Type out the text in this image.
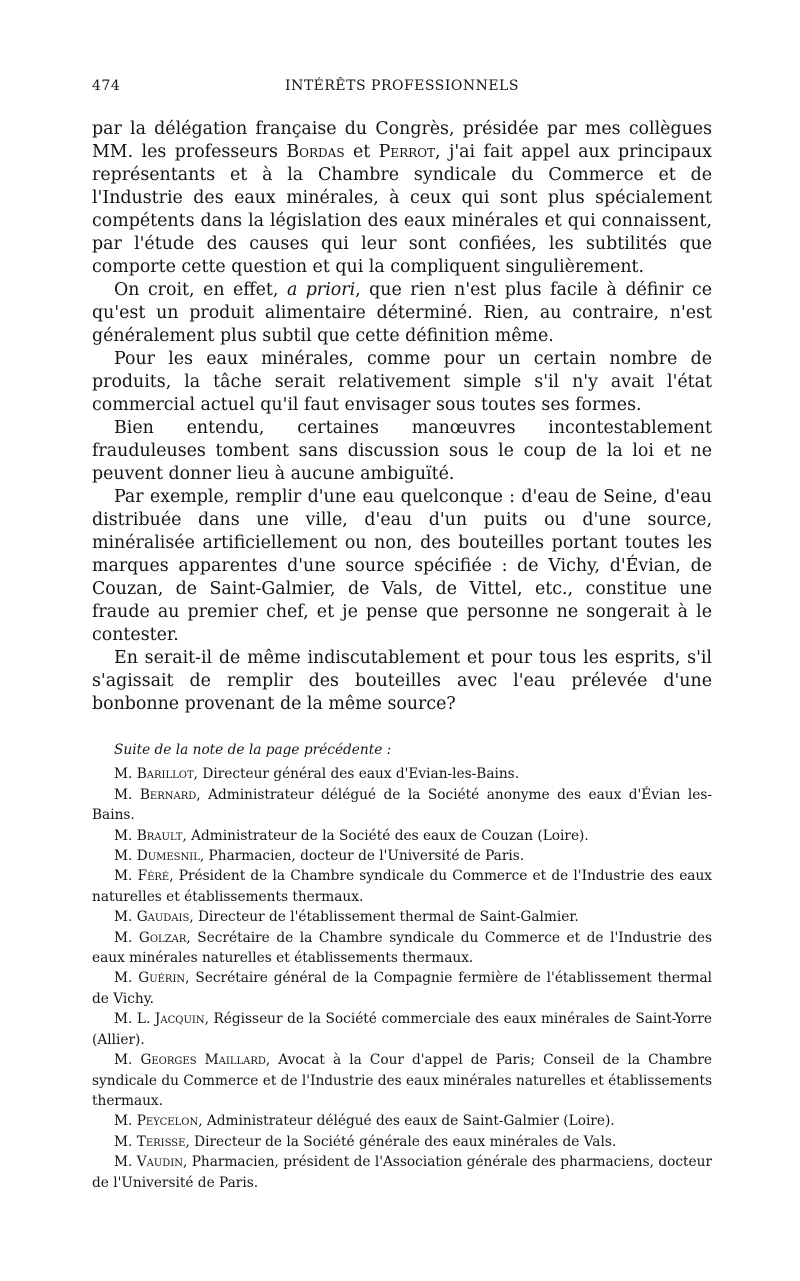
474	INTÉRÊTS PROFESSIONNELS

par la délégation française du Congrès, présidée par mes collègues MM. les professeurs Bordas et Perrot, j'ai fait appel aux principaux représentants et à la Chambre syndicale du Commerce et de l'Industrie des eaux minérales, à ceux qui sont plus spécialement compétents dans la législation des eaux minérales et qui connaissent, par l'étude des causes qui leur sont confiées, les subtilités que comporte cette question et qui la compliquent singulièrement.

On croit, en effet, a priori, que rien n'est plus facile à définir ce qu'est un produit alimentaire déterminé. Rien, au contraire, n'est généralement plus subtil que cette définition même.

Pour les eaux minérales, comme pour un certain nombre de produits, la tâche serait relativement simple s'il n'y avait l'état commercial actuel qu'il faut envisager sous toutes ses formes.

Bien entendu, certaines manœuvres incontestablement frauduleuses tombent sans discussion sous le coup de la loi et ne peuvent donner lieu à aucune ambiguïté.

Par exemple, remplir d'une eau quelconque : d'eau de Seine, d'eau distribuée dans une ville, d'eau d'un puits ou d'une source, minéralisée artificiellement ou non, des bouteilles portant toutes les marques apparentes d'une source spécifiée : de Vichy, d'Évian, de Couzan, de Saint-Galmier, de Vals, de Vittel, etc., constitue une fraude au premier chef, et je pense que personne ne songerait à le contester.

En serait-il de même indiscutablement et pour tous les esprits, s'il s'agissait de remplir des bouteilles avec l'eau prélevée d'une bonbonne provenant de la même source?

Suite de la note de la page précédente :

M. Barillot, Directeur général des eaux d'Evian-les-Bains.

M. Bernard, Administrateur délégué de la Société anonyme des eaux d'Évian les-Bains.

M. Brault, Administrateur de la Société des eaux de Couzan (Loire).

M. Dumesnil, Pharmacien, docteur de l'Université de Paris.

M. Féré, Président de la Chambre syndicale du Commerce et de l'Industrie des eaux naturelles et établissements thermaux.

M. Gaudais, Directeur de l'établissement thermal de Saint-Galmier.

M. Golzar, Secrétaire de la Chambre syndicale du Commerce et de l'Industrie des eaux minérales naturelles et établissements thermaux.

M. Guérin, Secrétaire général de la Compagnie fermière de l'établissement thermal de Vichy.

M. L. Jacquin, Régisseur de la Société commerciale des eaux minérales de Saint-Yorre (Allier).

M. Georges Maillard, Avocat à la Cour d'appel de Paris; Conseil de la Chambre syndicale du Commerce et de l'Industrie des eaux minérales naturelles et établissements thermaux.

M. Peycelon, Administrateur délégué des eaux de Saint-Galmier (Loire).

M. Terisse, Directeur de la Société générale des eaux minérales de Vals.

M. Vaudin, Pharmacien, président de l'Association générale des pharmaciens, docteur de l'Université de Paris.
